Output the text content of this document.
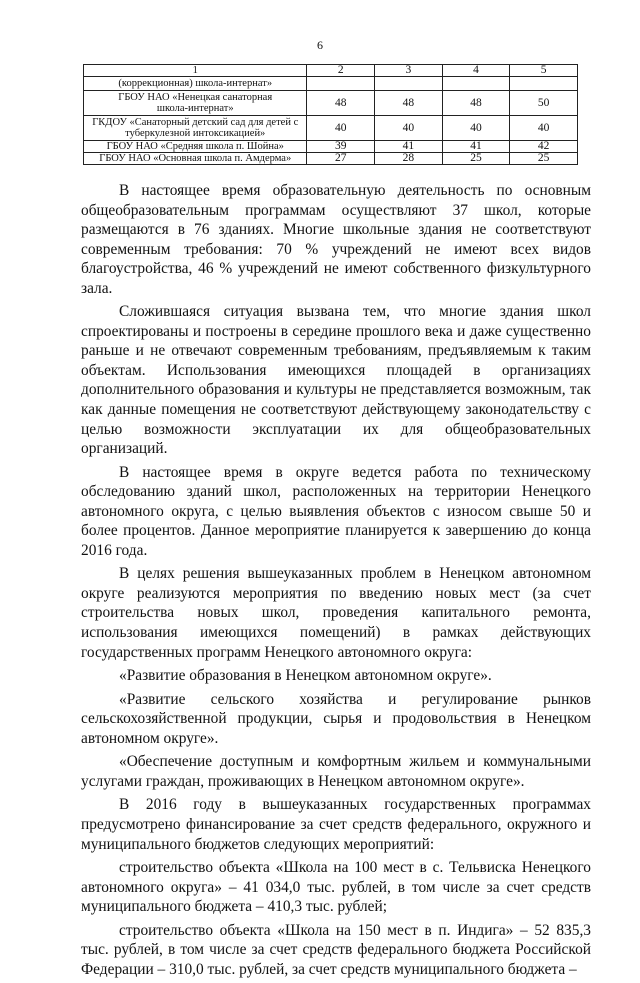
6
1	2	3	4	5
(коррекционная) школа-интернат»				
ГБОУ НАО «Ненецкая санаторная
школа-интернат»	48	48	48	50
ГКДОУ «Санаторный детский сад для детей с
туберкулезной интоксикацией»	40	40	40	40
ГБОУ НАО «Средняя школа п. Шойна»	39	41	41	42
ГБОУ НАО «Основная школа п. Амдерма»	27	28	25	25

В настоящее время образовательную деятельность по основным общеобразовательным программам осуществляют 37 школ, которые размещаются в 76 зданиях. Многие школьные здания не соответствуют современным требования: 70 % учреждений не имеют всех видов благоустройства, 46 % учреждений не имеют собственного физкультурного зала.

Сложившаяся ситуация вызвана тем, что многие здания школ спроектированы и построены в середине прошлого века и даже существенно раньше и не отвечают современным требованиям, предъявляемым к таким объектам. Использования имеющихся площадей в организациях дополнительного образования и культуры не представляется возможным, так как данные помещения не соответствуют действующему законодательству с целью возможности эксплуатации их для общеобразовательных организаций.

В настоящее время в округе ведется работа по техническому обследованию зданий школ, расположенных на территории Ненецкого автономного округа, с целью выявления объектов с износом свыше 50 и более процентов. Данное мероприятие планируется к завершению до конца 2016 года.

В целях решения вышеуказанных проблем в Ненецком автономном округе реализуются мероприятия по введению новых мест (за счет строительства новых школ, проведения капитального ремонта, использования имеющихся помещений) в рамках действующих государственных программ Ненецкого автономного округа:

«Развитие образования в Ненецком автономном округе».

«Развитие сельского хозяйства и регулирование рынков сельскохозяйственной продукции, сырья и продовольствия в Ненецком автономном округе».

«Обеспечение доступным и комфортным жильем и коммунальными услугами граждан, проживающих в Ненецком автономном округе».

В 2016 году в вышеуказанных государственных программах предусмотрено финансирование за счет средств федерального, окружного и муниципального бюджетов следующих мероприятий:

строительство объекта «Школа на 100 мест в с. Тельвиска Ненецкого автономного округа» – 41 034,0 тыс. рублей, в том числе за счет средств муниципального бюджета – 410,3 тыс. рублей;

строительство объекта «Школа на 150 мест в п. Индига» – 52 835,3 тыс. рублей, в том числе за счет средств федерального бюджета Российской Федерации – 310,0 тыс. рублей, за счет средств муниципального бюджета –
